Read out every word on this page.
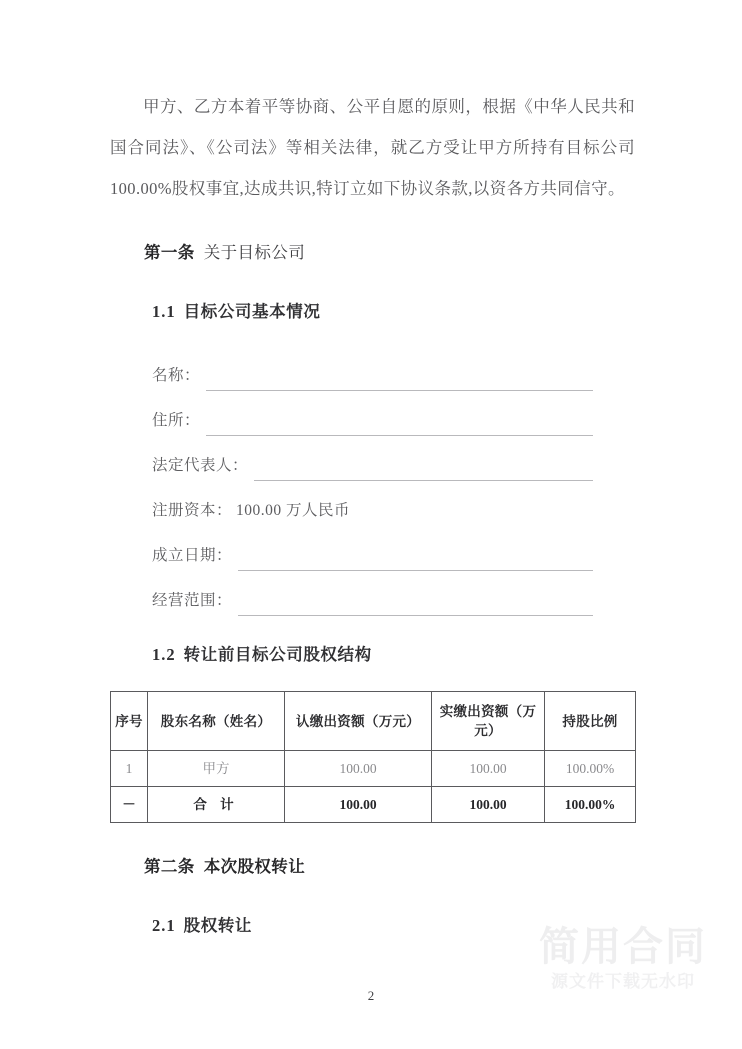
甲方、乙方本着平等协商、公平自愿的原则，根据《中华人民共和国合同法》、《公司法》等相关法律，就乙方受让甲方所持有目标公司 100.00%股权事宜,达成共识,特订立如下协议条款,以资各方共同信守。

第一条 关于目标公司
1.1 目标公司基本情况
名称：
住所：
法定代表人：
注册资本： 100.00 万人民币
成立日期：
经营范围：
1.2 转让前目标公司股权结构
序号	股东名称（姓名）	认缴出资额（万元）	实缴出资额（万元）	持股比例
1	甲方	100.00	100.00	100.00%
－	合 计	100.00	100.00	100.00%
第二条 本次股权转让
2.1 股权转让	简用合同
源文件下载无水印
2
